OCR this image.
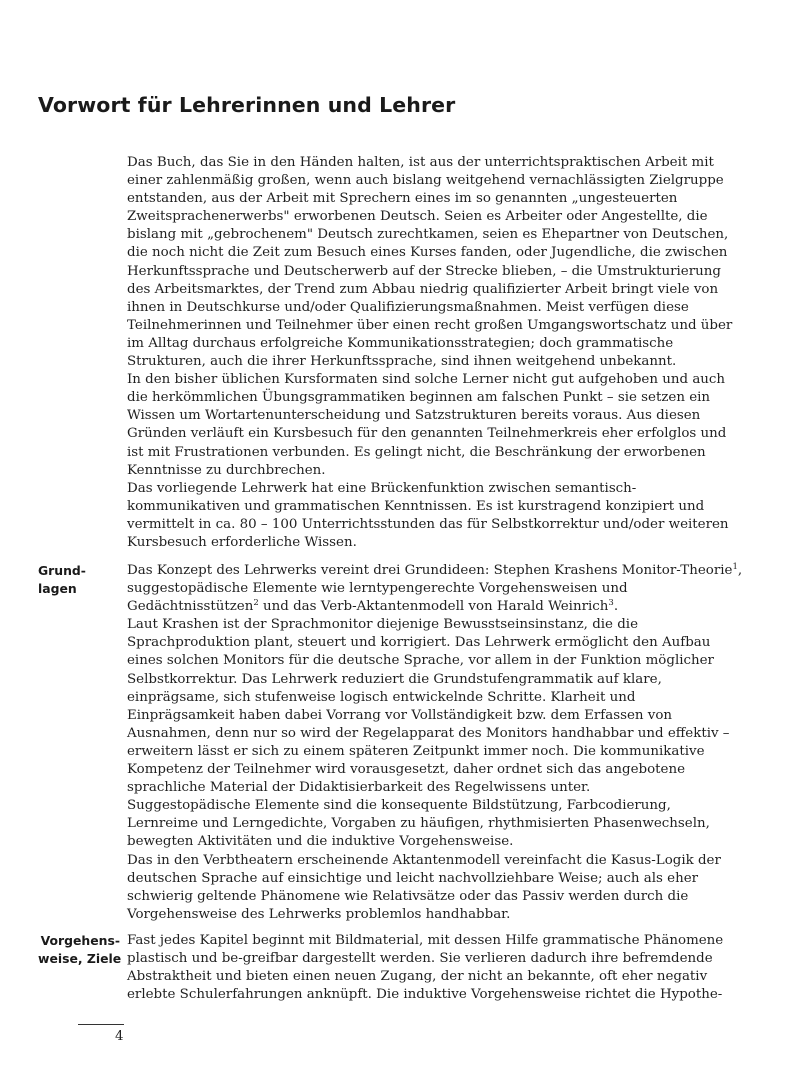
Vorwort für Lehrerinnen und Lehrer

Das Buch, das Sie in den Händen halten, ist aus der unterrichtspraktischen Arbeit mit einer zahlenmäßig großen, wenn auch bislang weitgehend vernachlässigten Zielgruppe entstanden, aus der Arbeit mit Sprechern eines im so genannten „ungesteuerten Zweitsprachenerwerbs" erworbenen Deutsch. Seien es Arbeiter oder Angestellte, die bislang mit „gebrochenem" Deutsch zurechtkamen, seien es Ehepartner von Deutschen, die noch nicht die Zeit zum Besuch eines Kurses fanden, oder Jugendliche, die zwischen Herkunftssprache und Deutscherwerb auf der Strecke blieben, – die Umstrukturierung des Arbeitsmarktes, der Trend zum Abbau niedrig qualifizierter Arbeit bringt viele von ihnen in Deutschkurse und/oder Qualifizierungsmaßnahmen. Meist verfügen diese Teilnehmerinnen und Teilnehmer über einen recht großen Umgangswortschatz und über im Alltag durchaus erfolgreiche Kommunikationsstrategien; doch grammatische Strukturen, auch die ihrer Herkunftssprache, sind ihnen weitgehend unbekannt.

In den bisher üblichen Kursformaten sind solche Lerner nicht gut aufgehoben und auch die herkömmlichen Übungsgrammatiken beginnen am falschen Punkt – sie setzen ein Wissen um Wortartenunterscheidung und Satzstrukturen bereits voraus. Aus diesen Gründen verläuft ein Kursbesuch für den genannten Teilnehmerkreis eher erfolglos und ist mit Frustrationen verbunden. Es gelingt nicht, die Beschränkung der erworbenen Kenntnisse zu durchbrechen.

Das vorliegende Lehrwerk hat eine Brückenfunktion zwischen semantisch-kommunikativen und grammatischen Kenntnissen. Es ist kurstragend konzipiert und vermittelt in ca. 80 – 100 Unterrichtsstunden das für Selbstkorrektur und/oder weiteren Kursbesuch erforderliche Wissen.

Grund-
lagen

Das Konzept des Lehrwerks vereint drei Grundideen: Stephen Krashens Monitor-Theorie$^1$, suggestopädische Elemente wie lerntypengerechte Vorgehensweisen und Gedächtnisstützen$^2$ und das Verb-Aktantenmodell von Harald Weinrich$^3$.

Laut Krashen ist der Sprachmonitor diejenige Bewusstseinsinstanz, die die Sprachproduktion plant, steuert und korrigiert. Das Lehrwerk ermöglicht den Aufbau eines solchen Monitors für die deutsche Sprache, vor allem in der Funktion möglicher Selbstkorrektur. Das Lehrwerk reduziert die Grundstufengrammatik auf klare, einprägsame, sich stufenweise logisch entwickelnde Schritte. Klarheit und Einprägsamkeit haben dabei Vorrang vor Vollständigkeit bzw. dem Erfassen von Ausnahmen, denn nur so wird der Regelapparat des Monitors handhabbar und effektiv – erweitern lässt er sich zu einem späteren Zeitpunkt immer noch. Die kommunikative Kompetenz der Teilnehmer wird vorausgesetzt, daher ordnet sich das angebotene sprachliche Material der Didaktisierbarkeit des Regelwissens unter.

Suggestopädische Elemente sind die konsequente Bildstützung, Farbcodierung, Lernreime und Lerngedichte, Vorgaben zu häufigen, rhythmisierten Phasenwechseln, bewegten Aktivitäten und die induktive Vorgehensweise.

Das in den Verbtheatern erscheinende Aktantenmodell vereinfacht die Kasus-Logik der deutschen Sprache auf einsichtige und leicht nachvollziehbare Weise; auch als eher schwierig geltende Phänomene wie Relativsätze oder das Passiv werden durch die Vorgehensweise des Lehrwerks problemlos handhabbar.

Vorgehens-
weise, Ziele

Fast jedes Kapitel beginnt mit Bildmaterial, mit dessen Hilfe grammatische Phänomene plastisch und be-greifbar dargestellt werden. Sie verlieren dadurch ihre befremdende Abstraktheit und bieten einen neuen Zugang, der nicht an bekannte, oft eher negativ erlebte Schulerfahrungen anknüpft. Die induktive Vorgehensweise richtet die Hypothe-

4
